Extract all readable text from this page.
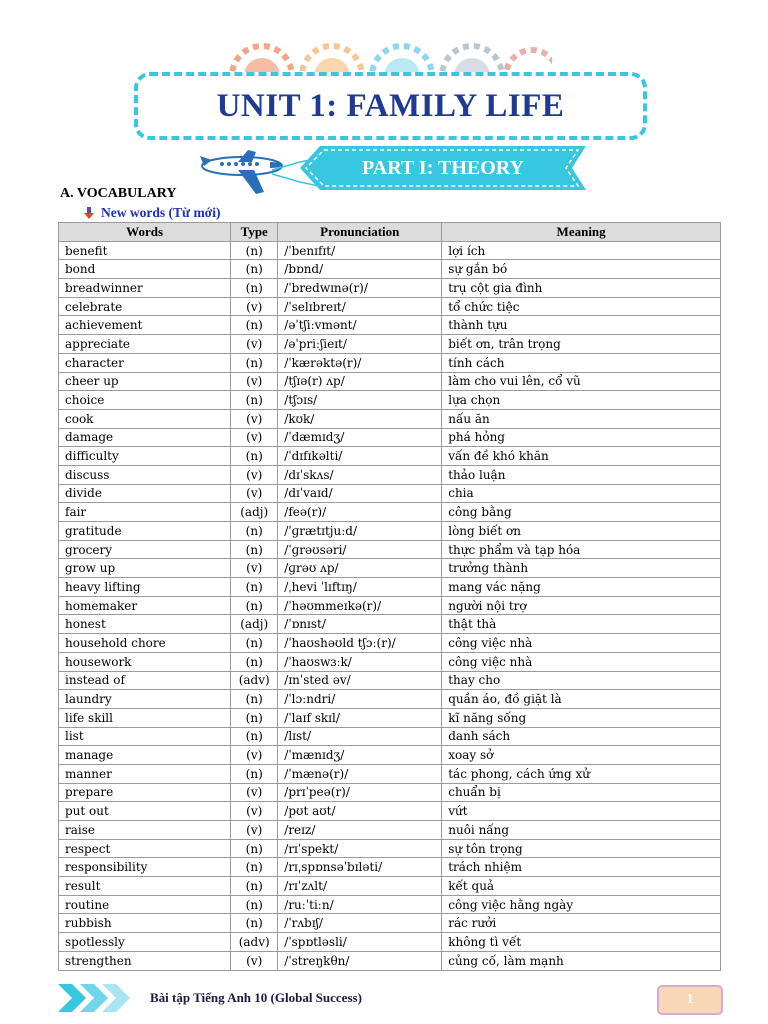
UNIT 1: FAMILY LIFE
PART I: THEORY
A. VOCABULARY
New words (Từ mới)
Words	Type	Pronunciation	Meaning
benefit	(n)	/ˈbenɪfɪt/	lợi ích
bond	(n)	/bɒnd/	sự gắn bó
breadwinner	(n)	/ˈbredwɪnə(r)/	trụ cột gia đình
celebrate	(v)	/ˈselɪbreɪt/	tổ chức tiệc
achievement	(n)	/əˈtʃiːvmənt/	thành tựu
appreciate	(v)	/əˈpriːʃieɪt/	biết ơn, trân trọng
character	(n)	/ˈkærəktə(r)/	tính cách
cheer up	(v)	/tʃɪə(r) ʌp/	làm cho vui lên, cổ vũ
choice	(n)	/tʃɔɪs/	lựa chọn
cook	(v)	/kʊk/	nấu ăn
damage	(v)	/ˈdæmɪdʒ/	phá hỏng
difficulty	(n)	/ˈdɪfɪkəlti/	vấn đề khó khăn
discuss	(v)	/dɪˈskʌs/	thảo luận
divide	(v)	/dɪˈvaɪd/	chia
fair	(adj)	/feə(r)/	công bằng
gratitude	(n)	/ˈɡrætɪtjuːd/	lòng biết ơn
grocery	(n)	/ˈɡrəʊsəri/	thực phẩm và tạp hóa
grow up	(v)	/ɡrəʊ ʌp/	trưởng thành
heavy lifting	(n)	/ˌhevi ˈlɪftɪŋ/	mang vác nặng
homemaker	(n)	/ˈhəʊmmeɪkə(r)/	người nội trợ
honest	(adj)	/ˈɒnɪst/	thật thà
household chore	(n)	/ˈhaʊshəʊld tʃɔː(r)/	công việc nhà
housework	(n)	/ˈhaʊswɜːk/	công việc nhà
instead of	(adv)	/ɪnˈsted əv/	thay cho
laundry	(n)	/ˈlɔːndri/	quần áo, đồ giặt là
life skill	(n)	/ˈlaɪf skɪl/	kĩ năng sống
list	(n)	/lɪst/	danh sách
manage	(v)	/ˈmænɪdʒ/	xoay sở
manner	(n)	/ˈmænə(r)/	tác phong, cách ứng xử
prepare	(v)	/prɪˈpeə(r)/	chuẩn bị
put out	(v)	/pʊt aʊt/	vứt
raise	(v)	/reɪz/	nuôi nấng
respect	(n)	/rɪˈspekt/	sự tôn trọng
responsibility	(n)	/rɪˌspɒnsəˈbɪləti/	trách nhiệm
result	(n)	/rɪˈzʌlt/	kết quả
routine	(n)	/ruːˈtiːn/	công việc hằng ngày
rubbish	(n)	/ˈrʌbɪʃ/	rác rưởi
spotlessly	(adv)	/ˈspɒtləsli/	không tì vết
strengthen	(v)	/ˈstreŋkθn/	củng cố, làm mạnh
Bài tập Tiếng Anh 10 (Global Success)	1
